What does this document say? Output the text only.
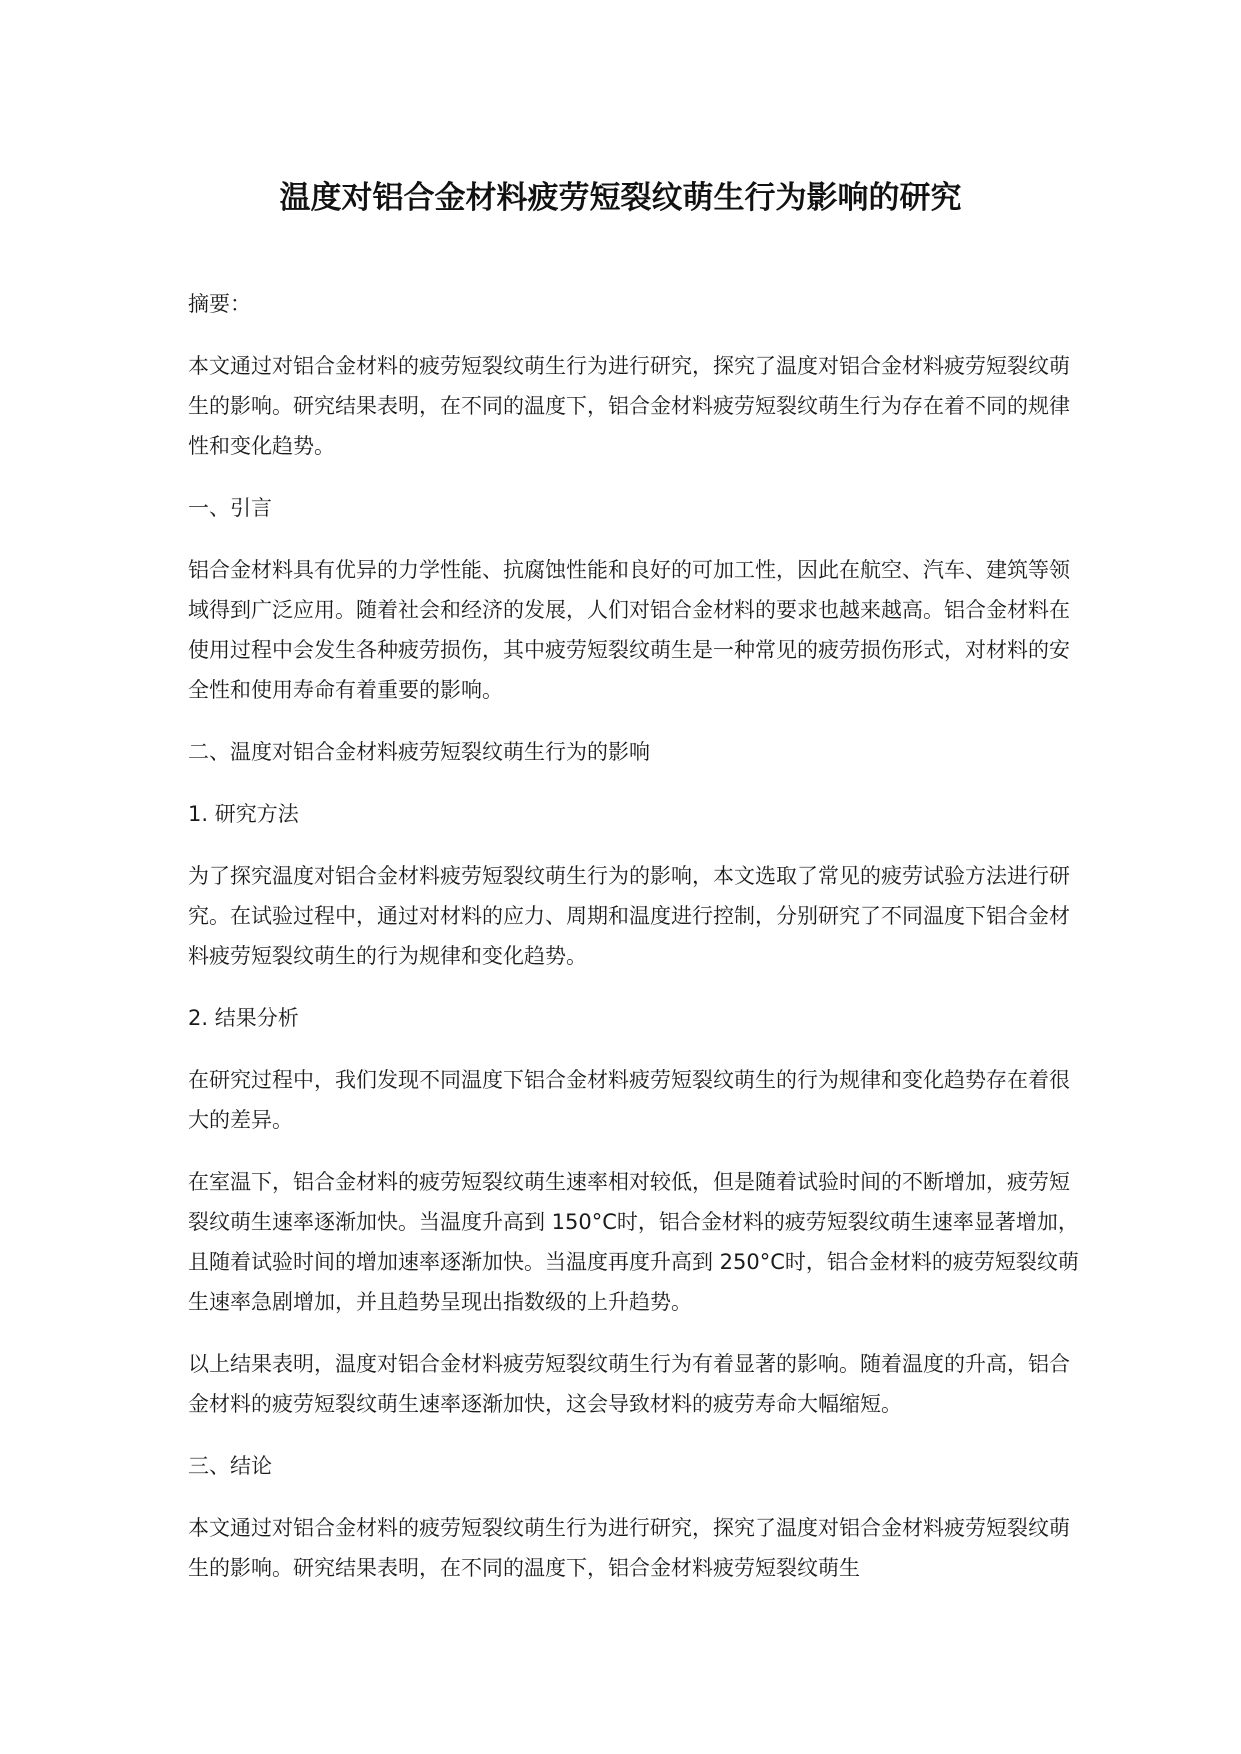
温度对铝合金材料疲劳短裂纹萌生行为影响的研究

摘要：

本文通过对铝合金材料的疲劳短裂纹萌生行为进行研究，探究了温度对铝合金材料疲劳短裂纹萌生的影响。研究结果表明，在不同的温度下，铝合金材料疲劳短裂纹萌生行为存在着不同的规律性和变化趋势。

一、引言

铝合金材料具有优异的力学性能、抗腐蚀性能和良好的可加工性，因此在航空、汽车、建筑等领域得到广泛应用。随着社会和经济的发展，人们对铝合金材料的要求也越来越高。铝合金材料在使用过程中会发生各种疲劳损伤，其中疲劳短裂纹萌生是一种常见的疲劳损伤形式，对材料的安全性和使用寿命有着重要的影响。

二、温度对铝合金材料疲劳短裂纹萌生行为的影响

1. 研究方法

为了探究温度对铝合金材料疲劳短裂纹萌生行为的影响，本文选取了常见的疲劳试验方法进行研究。在试验过程中，通过对材料的应力、周期和温度进行控制，分别研究了不同温度下铝合金材料疲劳短裂纹萌生的行为规律和变化趋势。

2. 结果分析

在研究过程中，我们发现不同温度下铝合金材料疲劳短裂纹萌生的行为规律和变化趋势存在着很大的差异。

在室温下，铝合金材料的疲劳短裂纹萌生速率相对较低，但是随着试验时间的不断增加，疲劳短裂纹萌生速率逐渐加快。当温度升高到 150°C时，铝合金材料的疲劳短裂纹萌生速率显著增加，且随着试验时间的增加速率逐渐加快。当温度再度升高到 250°C时，铝合金材料的疲劳短裂纹萌生速率急剧增加，并且趋势呈现出指数级的上升趋势。

以上结果表明，温度对铝合金材料疲劳短裂纹萌生行为有着显著的影响。随着温度的升高，铝合金材料的疲劳短裂纹萌生速率逐渐加快，这会导致材料的疲劳寿命大幅缩短。

三、结论

本文通过对铝合金材料的疲劳短裂纹萌生行为进行研究，探究了温度对铝合金材料疲劳短裂纹萌生的影响。研究结果表明，在不同的温度下，铝合金材料疲劳短裂纹萌生
